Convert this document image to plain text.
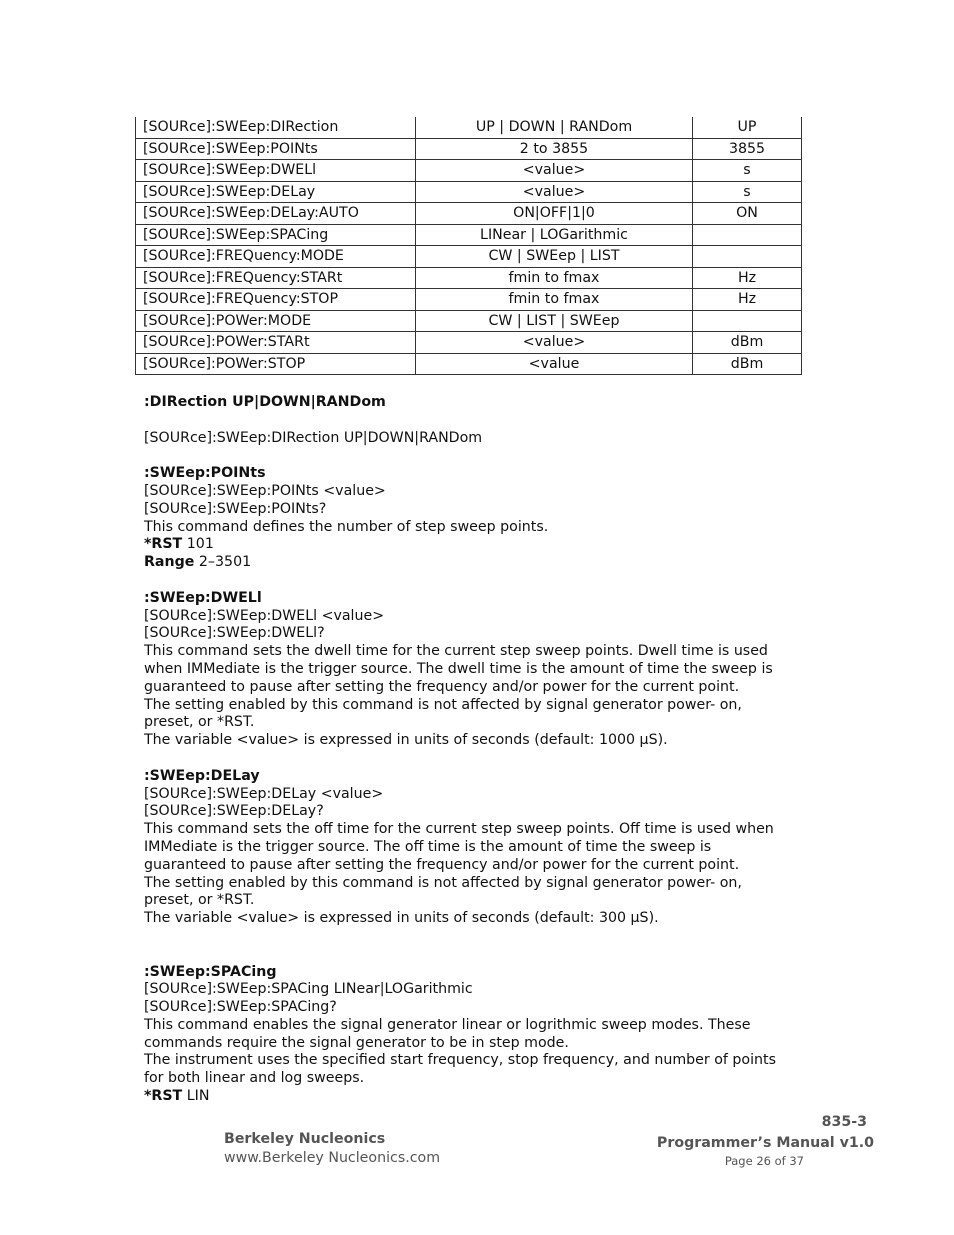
[SOURce]:SWEep:DIRection	UP | DOWN | RANDom	UP
[SOURce]:SWEep:POINts	2 to 3855	3855
[SOURce]:SWEep:DWELl	<value>	s
[SOURce]:SWEep:DELay	<value>	s
[SOURce]:SWEep:DELay:AUTO	ON|OFF|1|0	ON
[SOURce]:SWEep:SPACing	LINear | LOGarithmic	
[SOURce]:FREQuency:MODE	CW | SWEep | LIST	
[SOURce]:FREQuency:STARt	fmin to fmax	Hz
[SOURce]:FREQuency:STOP	fmin to fmax	Hz
[SOURce]:POWer:MODE	CW | LIST | SWEep	
[SOURce]:POWer:STARt	<value>	dBm
[SOURce]:POWer:STOP	<value	dBm
:DIRection UP|DOWN|RANDom
[SOURce]:SWEep:DIRection UP|DOWN|RANDom
:SWEep:POINts
[SOURce]:SWEep:POINts <value>
[SOURce]:SWEep:POINts?
This command defines the number of step sweep points.
*RST 101
Range 2–3501
:SWEep:DWELl
[SOURce]:SWEep:DWELl <value>
[SOURce]:SWEep:DWELl?
This command sets the dwell time for the current step sweep points. Dwell time is used
when IMMediate is the trigger source. The dwell time is the amount of time the sweep is
guaranteed to pause after setting the frequency and/or power for the current point.
The setting enabled by this command is not affected by signal generator power- on,
preset, or *RST.
The variable <value> is expressed in units of seconds (default: 1000 µS).
:SWEep:DELay
[SOURce]:SWEep:DELay <value>
[SOURce]:SWEep:DELay?
This command sets the off time for the current step sweep points. Off time is used when
IMMediate is the trigger source. The off time is the amount of time the sweep is
guaranteed to pause after setting the frequency and/or power for the current point.
The setting enabled by this command is not affected by signal generator power- on,
preset, or *RST.
The variable <value> is expressed in units of seconds (default: 300 µS).
:SWEep:SPACing
[SOURce]:SWEep:SPACing LINear|LOGarithmic
[SOURce]:SWEep:SPACing?
This command enables the signal generator linear or logrithmic sweep modes. These
commands require the signal generator to be in step mode.
The instrument uses the specified start frequency, stop frequency, and number of points
for both linear and log sweeps.
*RST LIN
Berkeley Nucleonics
www.Berkeley Nucleonics.com
835-3
Programmer’s Manual v1.0
Page 26 of 37
